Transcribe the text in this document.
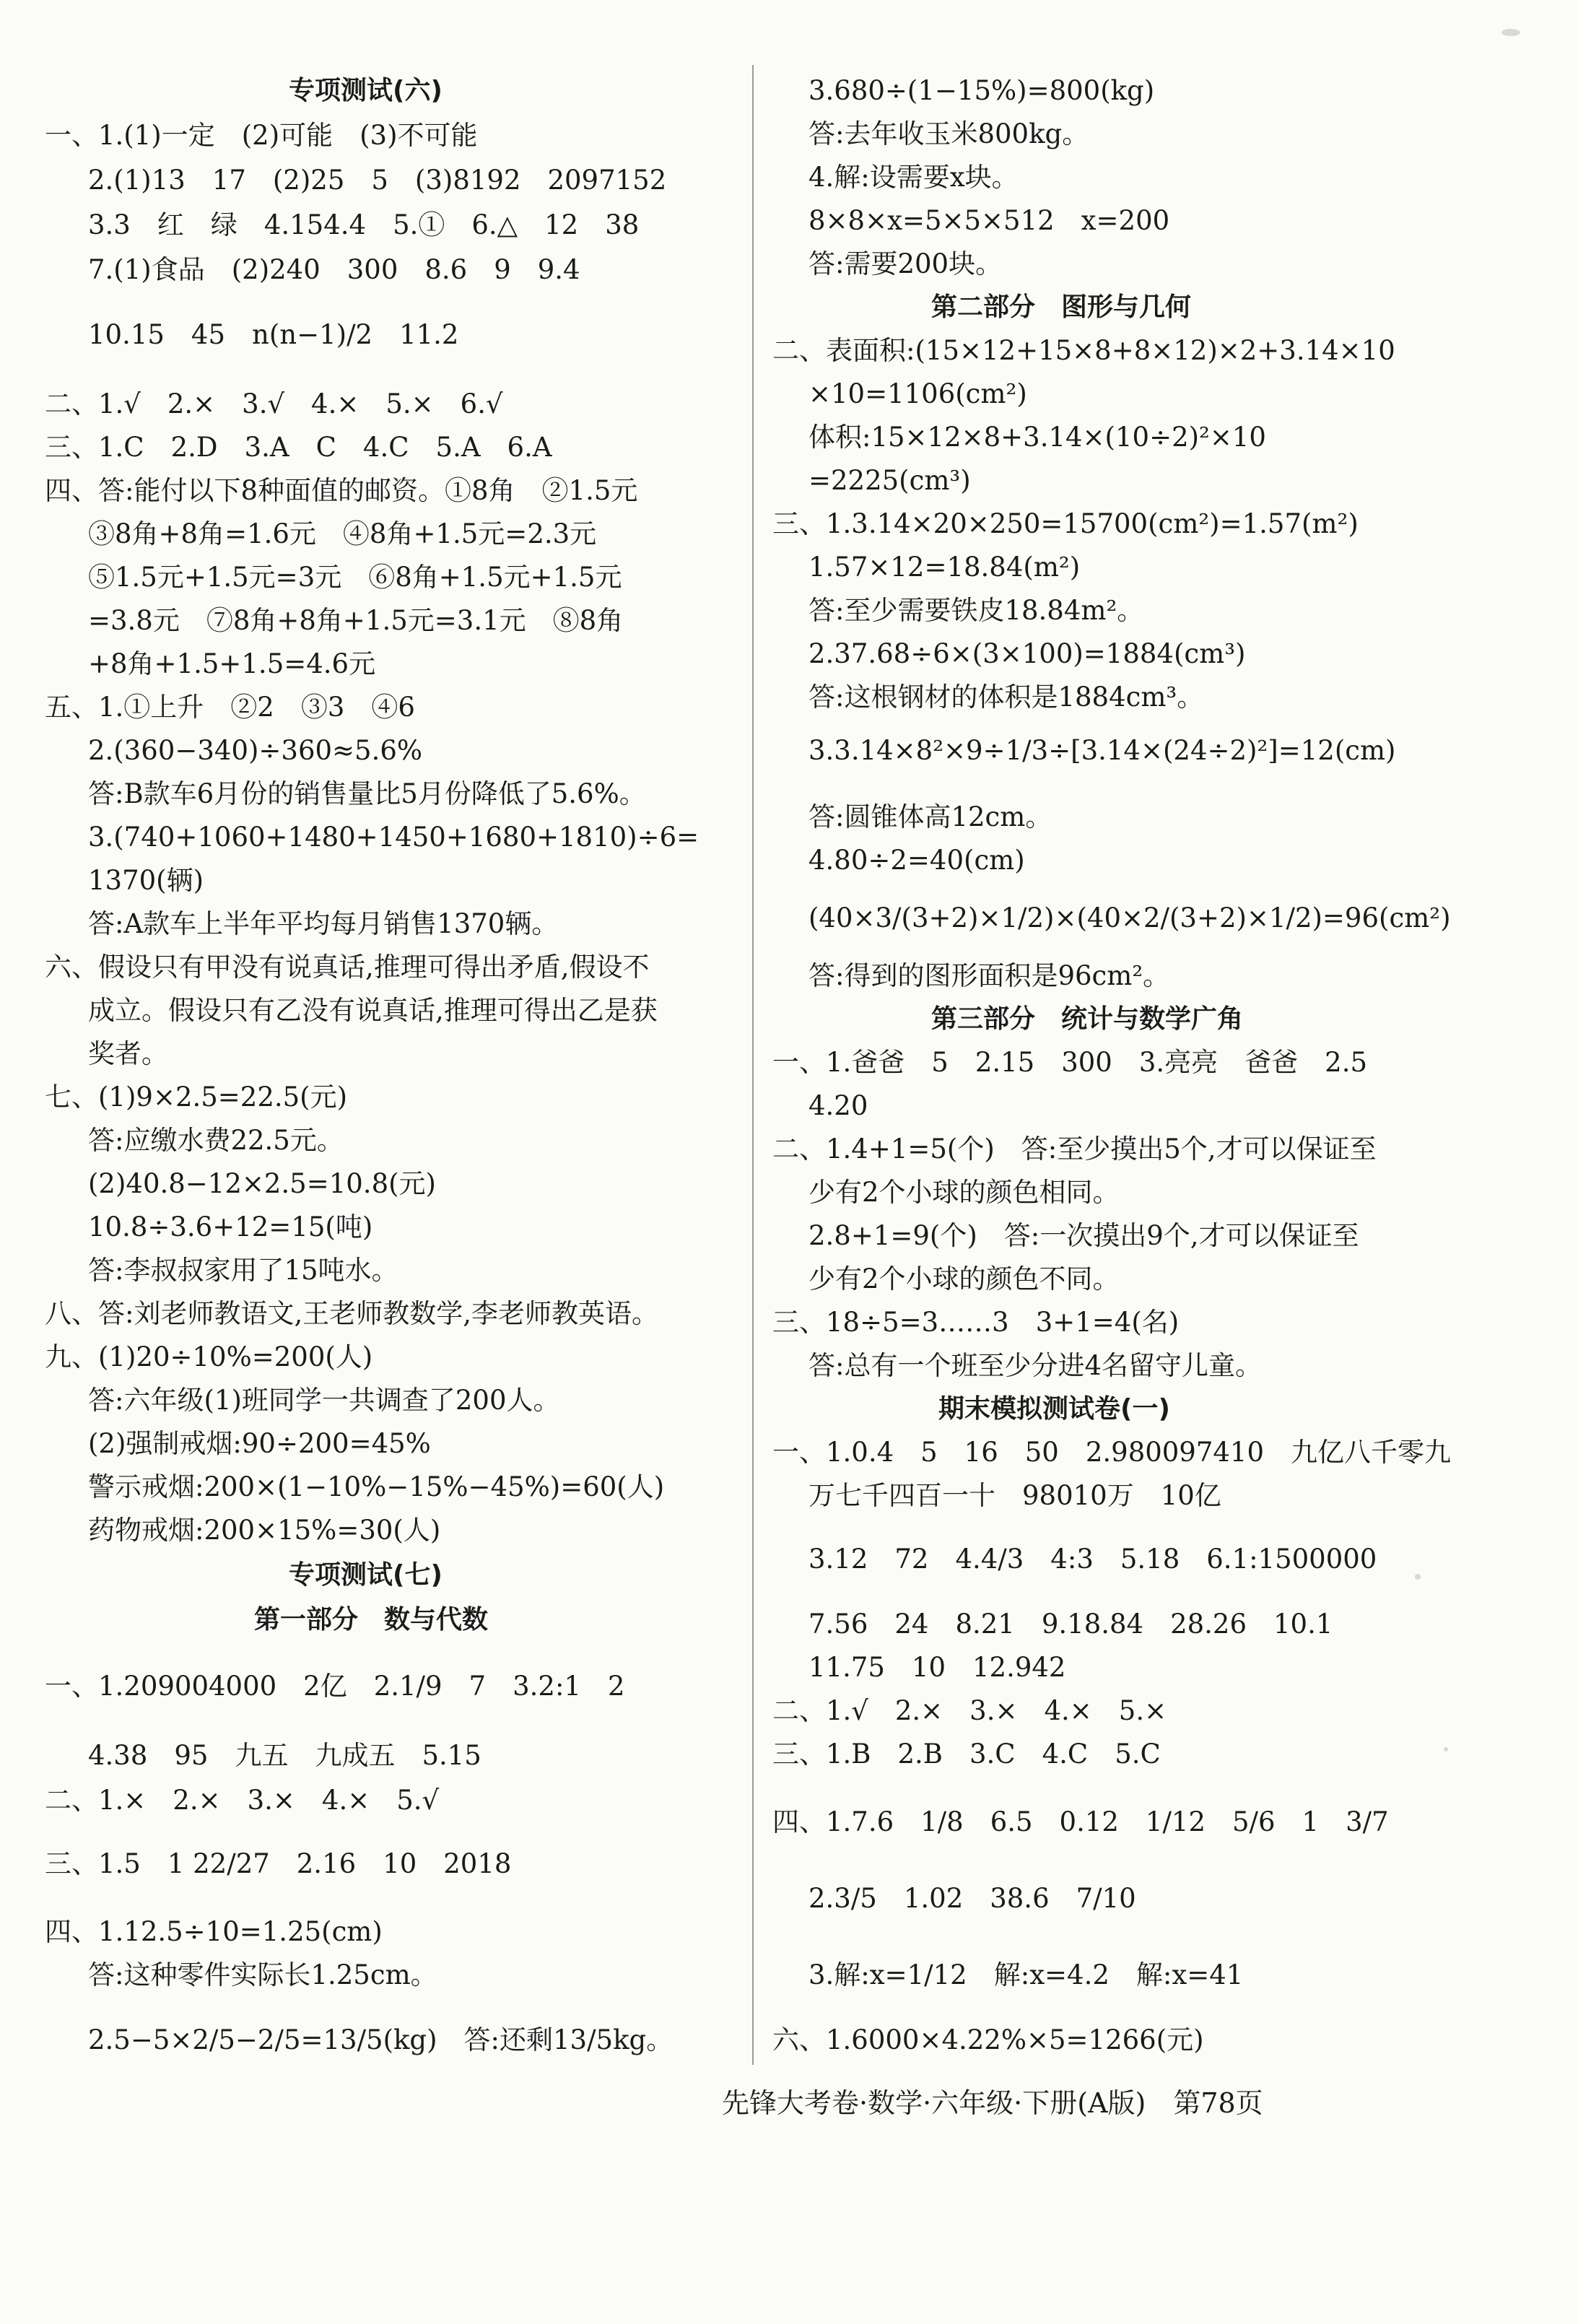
专项测试(六)
一、1.(1)一定　(2)可能　(3)不可能
2.(1)13　17　(2)25　5　(3)8192　2097152
3.3　红　绿　4.154.4　5.①　6.△　12　38
7.(1)食品　(2)240　300　8.6　9　9.4
10.15　45　n(n−1)/2　11.2
二、1.√　2.×　3.√　4.×　5.×　6.√
三、1.C　2.D　3.A　C　4.C　5.A　6.A
四、答:能付以下8种面值的邮资。①8角　②1.5元
③8角+8角=1.6元　④8角+1.5元=2.3元
⑤1.5元+1.5元=3元　⑥8角+1.5元+1.5元
=3.8元　⑦8角+8角+1.5元=3.1元　⑧8角
+8角+1.5+1.5=4.6元
五、1.①上升　②2　③3　④6
2.(360−340)÷360≈5.6%
答:B款车6月份的销售量比5月份降低了5.6%。
3.(740+1060+1480+1450+1680+1810)÷6=
1370(辆)
答:A款车上半年平均每月销售1370辆。
六、假设只有甲没有说真话,推理可得出矛盾,假设不
成立。假设只有乙没有说真话,推理可得出乙是获
奖者。
七、(1)9×2.5=22.5(元)
答:应缴水费22.5元。
(2)40.8−12×2.5=10.8(元)
10.8÷3.6+12=15(吨)
答:李叔叔家用了15吨水。
八、答:刘老师教语文,王老师教数学,李老师教英语。
九、(1)20÷10%=200(人)
答:六年级(1)班同学一共调查了200人。
(2)强制戒烟:90÷200=45%
警示戒烟:200×(1−10%−15%−45%)=60(人)
药物戒烟:200×15%=30(人)
专项测试(七)
第一部分　数与代数
一、1.209004000　2亿　2.1/9　7　3.2:1　2
4.38　95　九五　九成五　5.15
二、1.×　2.×　3.×　4.×　5.√
三、1.5　1 22/27　2.16　10　2018
四、1.12.5÷10=1.25(cm)
答:这种零件实际长1.25cm。
2.5−5×2/5−2/5=13/5(kg)　答:还剩13/5kg。
3.680÷(1−15%)=800(kg)
答:去年收玉米800kg。
4.解:设需要x块。
8×8×x=5×5×512　x=200
答:需要200块。
第二部分　图形与几何
二、表面积:(15×12+15×8+8×12)×2+3.14×10
×10=1106(cm²)
体积:15×12×8+3.14×(10÷2)²×10
=2225(cm³)
三、1.3.14×20×250=15700(cm²)=1.57(m²)
1.57×12=18.84(m²)
答:至少需要铁皮18.84m²。
2.37.68÷6×(3×100)=1884(cm³)
答:这根钢材的体积是1884cm³。
3.3.14×8²×9÷1/3÷[3.14×(24÷2)²]=12(cm)
答:圆锥体高12cm。
4.80÷2=40(cm)
(40×3/(3+2)×1/2)×(40×2/(3+2)×1/2)=96(cm²)
答:得到的图形面积是96cm²。
第三部分　统计与数学广角
一、1.爸爸　5　2.15　300　3.亮亮　爸爸　2.5
4.20
二、1.4+1=5(个)　答:至少摸出5个,才可以保证至
少有2个小球的颜色相同。
2.8+1=9(个)　答:一次摸出9个,才可以保证至
少有2个小球的颜色不同。
三、18÷5=3……3　3+1=4(名)
答:总有一个班至少分进4名留守儿童。
期末模拟测试卷(一)
一、1.0.4　5　16　50　2.980097410　九亿八千零九
万七千四百一十　98010万　10亿
3.12　72　4.4/3　4:3　5.18　6.1:1500000
7.56　24　8.21　9.18.84　28.26　10.1
11.75　10　12.942
二、1.√　2.×　3.×　4.×　5.×
三、1.B　2.B　3.C　4.C　5.C
四、1.7.6　1/8　6.5　0.12　1/12　5/6　1　3/7
2.3/5　1.02　38.6　7/10
3.解:x=1/12　解:x=4.2　解:x=41
六、1.6000×4.22%×5=1266(元)
先锋大考卷·数学·六年级·下册(A版)　第78页
